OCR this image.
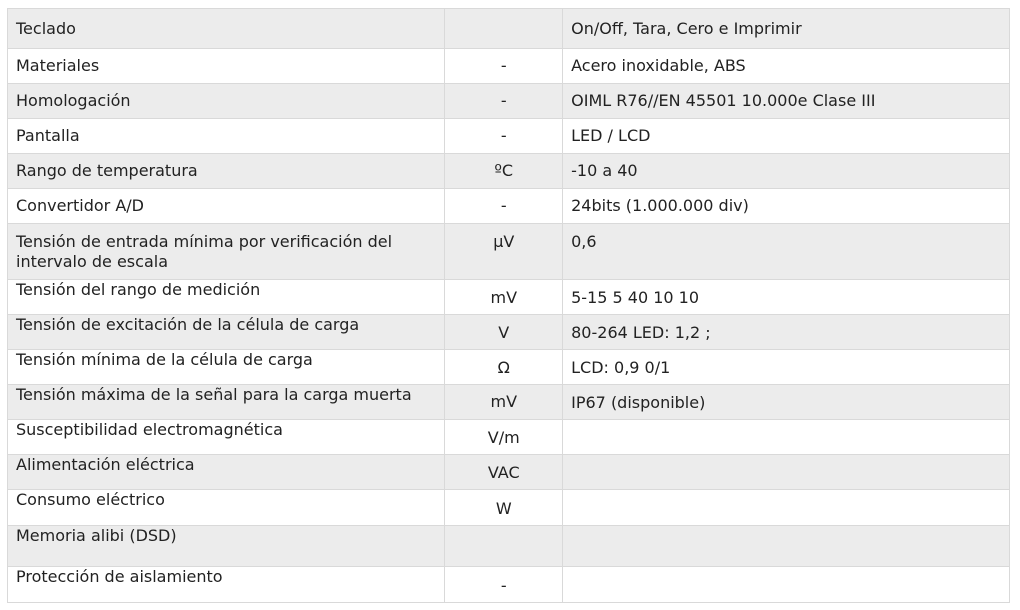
Teclado		On/Off, Tara, Cero e Imprimir
Materiales	-	Acero inoxidable, ABS
Homologación	-	OIML R76//EN 45501 10.000e Clase III
Pantalla	-	LED / LCD
Rango de temperatura	ºC	-10 a 40
Convertidor A/D	-	24bits (1.000.000 div)
Tensión de entrada mínima por verificación del intervalo de escala	μV	0,6
Tensión del rango de medición	mV	5-15 5 40 10 10
Tensión de excitación de la célula de carga	V	80-264 LED: 1,2 ;
Tensión mínima de la célula de carga	Ω	LCD: 0,9 0/1
Tensión máxima de la señal para la carga muerta	mV	IP67 (disponible)
Susceptibilidad electromagnética	V/m	
Alimentación eléctrica	VAC	
Consumo eléctrico	W	
Memoria alibi (DSD)		
Protección de aislamiento	-	
